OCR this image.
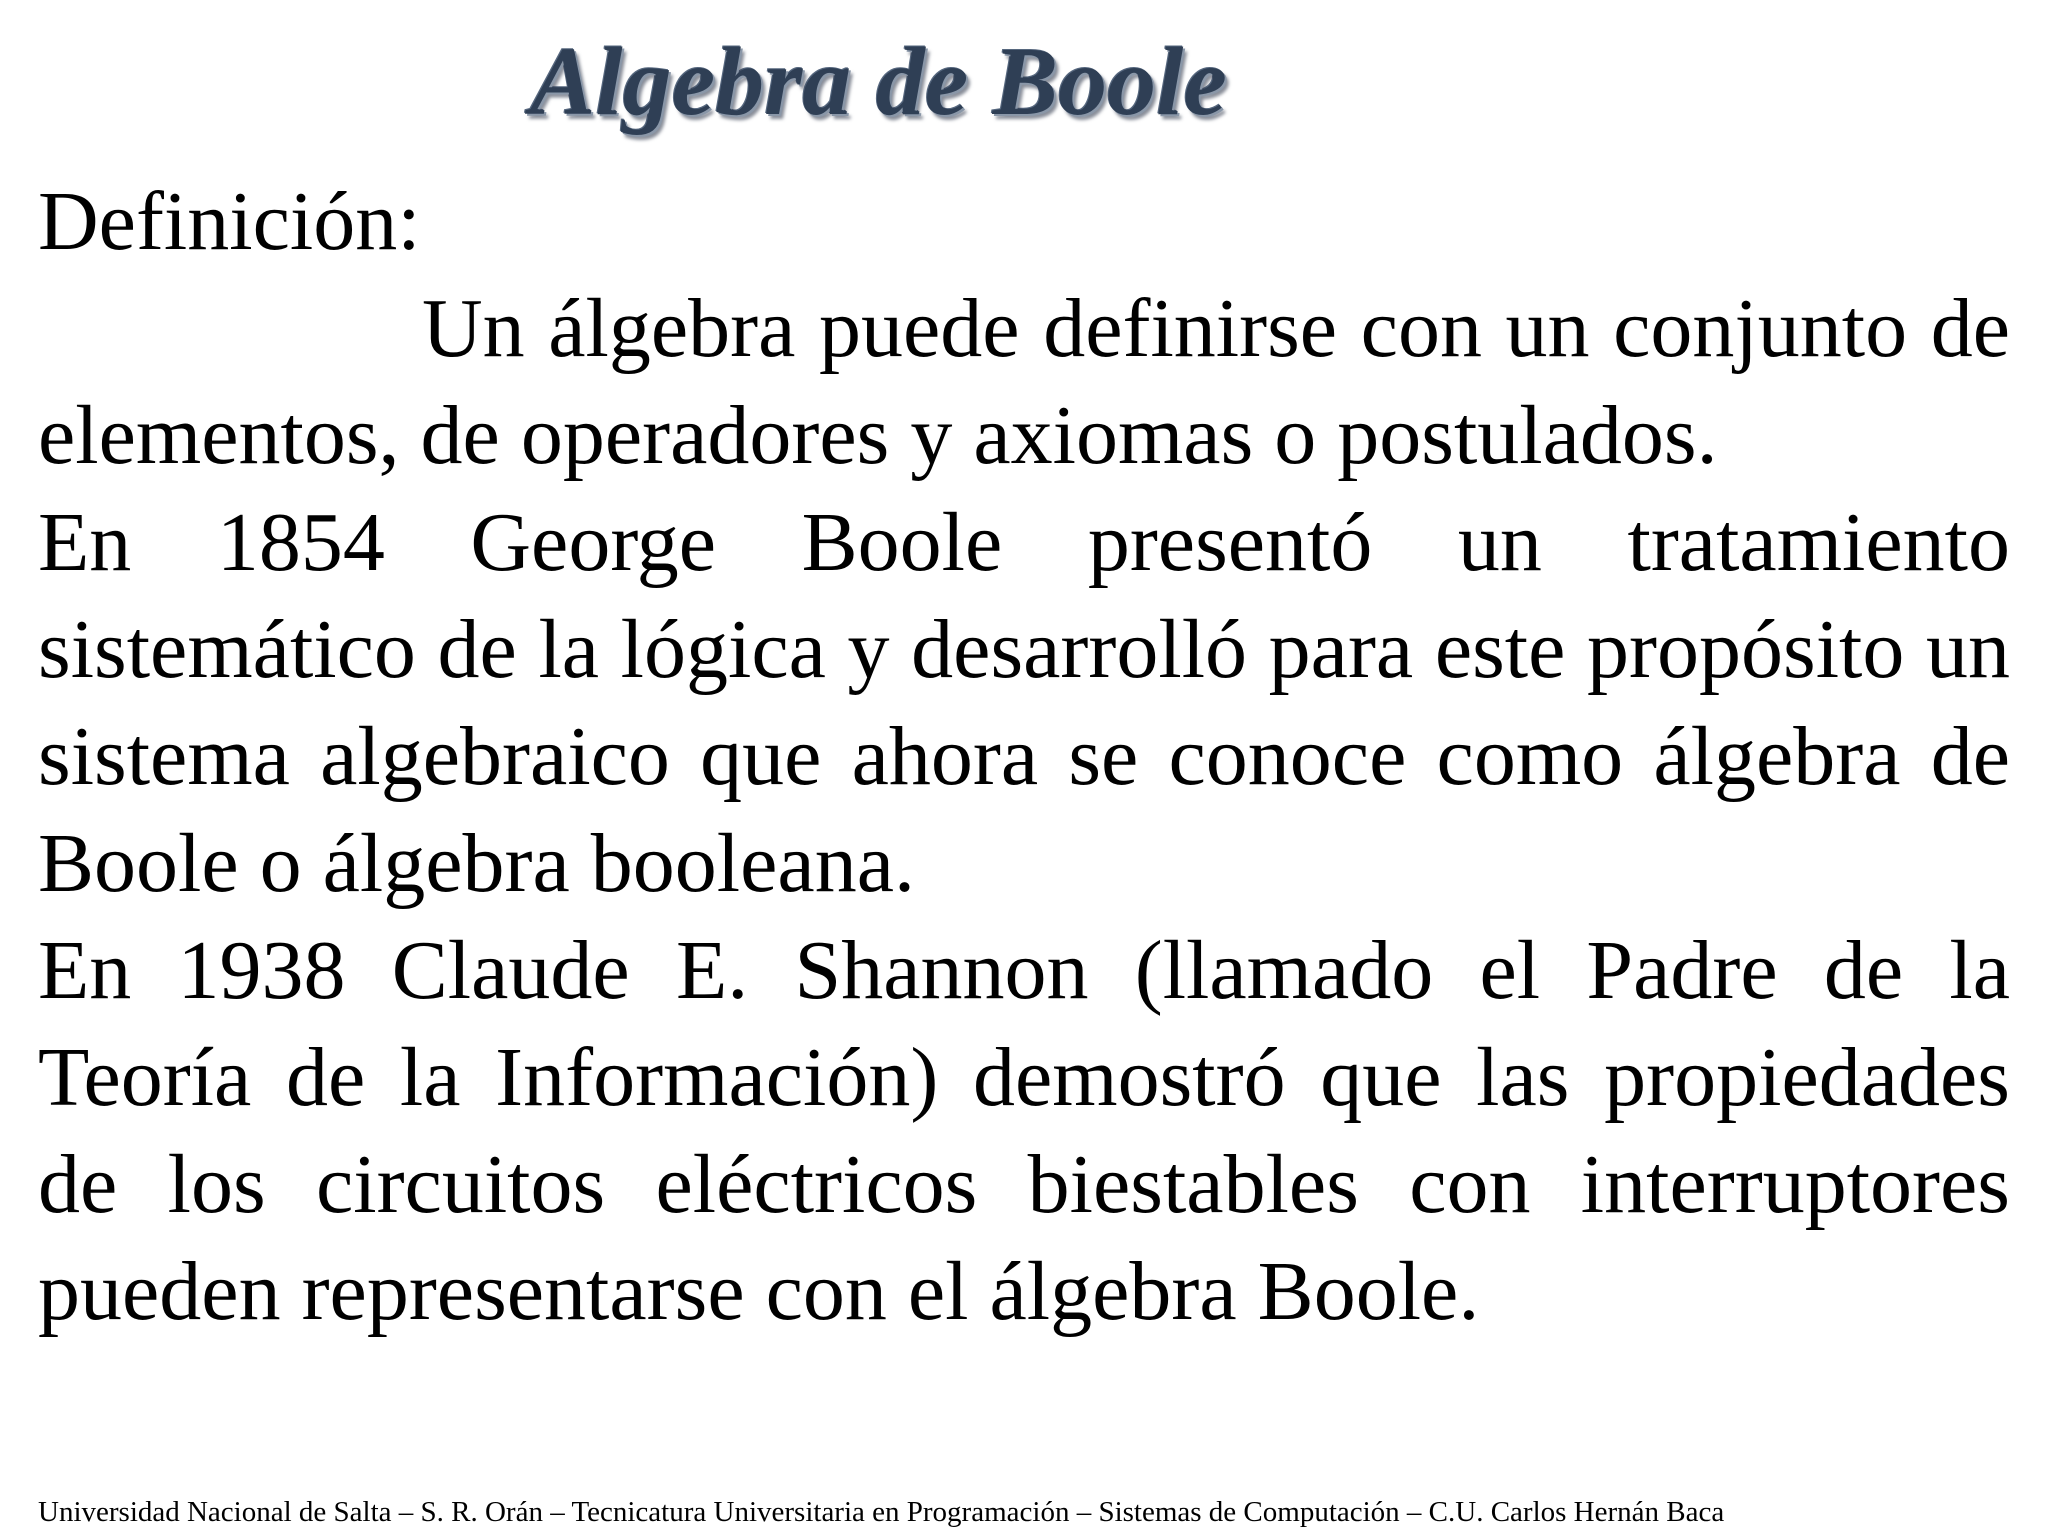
Algebra de Boole
Definición:

Un álgebra puede definirse con un conjunto de elementos, de operadores y axiomas o postulados.

En 1854 George Boole presentó un tratamiento sistemático de la lógica y desarrolló para este propósito un sistema algebraico que ahora se conoce como álgebra de Boole o álgebra booleana.

En 1938 Claude E. Shannon (llamado el Padre de la Teoría de la Información) demostró que las propiedades de los circuitos eléctricos biestables con interruptores pueden representarse con el álgebra Boole.

Universidad Nacional de Salta – S. R. Orán – Tecnicatura Universitaria en Programación – Sistemas de Computación – C.U. Carlos Hernán Baca
